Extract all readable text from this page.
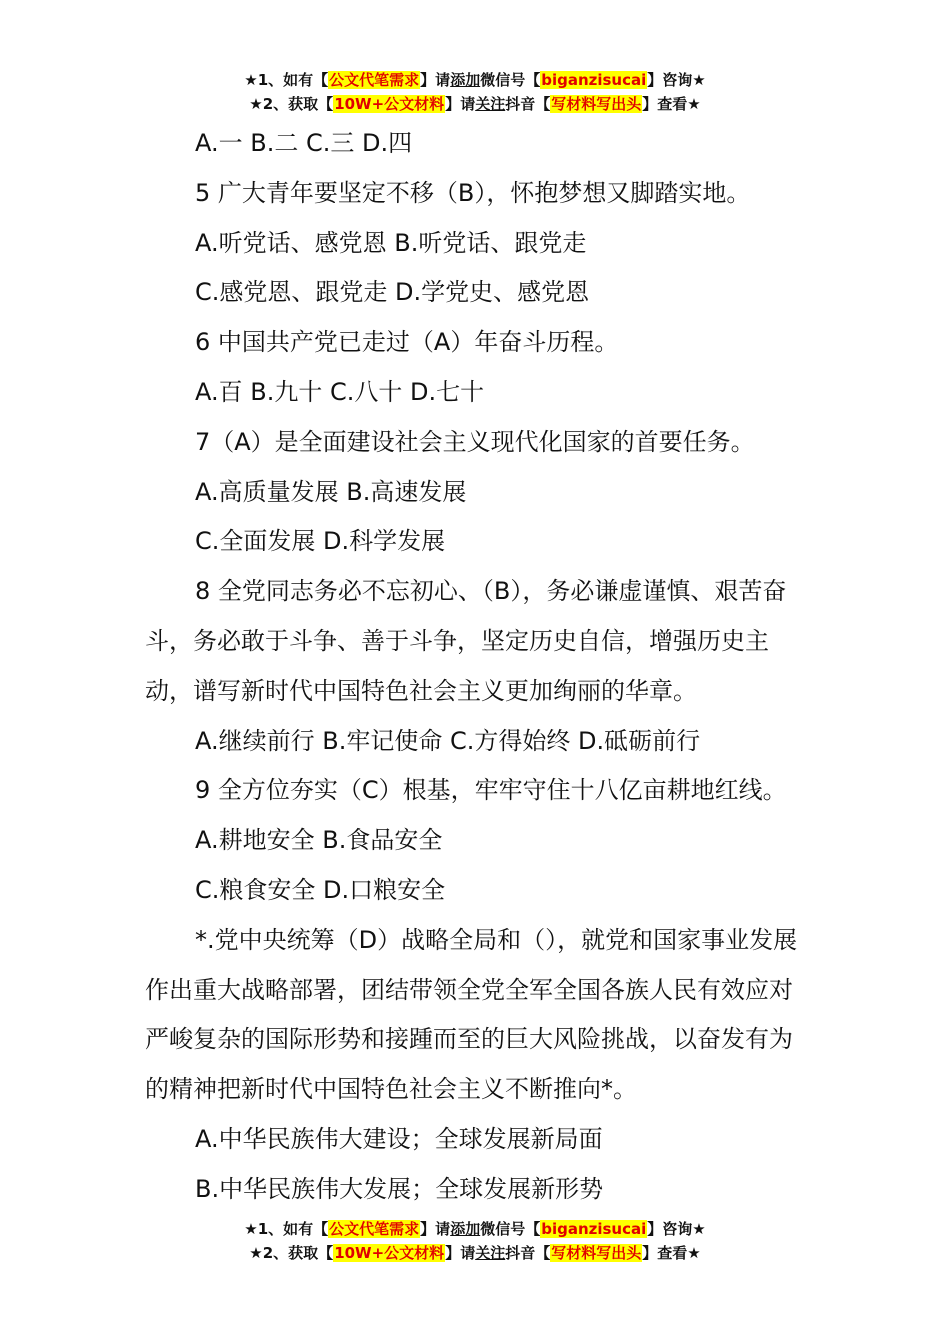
★1、如有【公文代笔需求】请添加微信号【biganzisucai】咨询★
★2、获取【10W+公文材料】请关注抖音【写材料写出头】查看★

A.一 B.二 C.三 D.四

5 广大青年要坚定不移（B），怀抱梦想又脚踏实地。

A.听党话、感党恩 B.听党话、跟党走

C.感党恩、跟党走 D.学党史、感党恩

6 中国共产党已走过（A）年奋斗历程。

A.百 B.九十 C.八十 D.七十

7（A）是全面建设社会主义现代化国家的首要任务。

A.高质量发展 B.高速发展

C.全面发展 D.科学发展

8 全党同志务必不忘初心、（B），务必谦虚谨慎、艰苦奋斗，务必敢于斗争、善于斗争，坚定历史自信，增强历史主动，谱写新时代中国特色社会主义更加绚丽的华章。

A.继续前行 B.牢记使命 C.方得始终 D.砥砺前行

9 全方位夯实（C）根基，牢牢守住十八亿亩耕地红线。

A.耕地安全 B.食品安全

C.粮食安全 D.口粮安全

*.党中央统筹（D）战略全局和（），就党和国家事业发展作出重大战略部署，团结带领全党全军全国各族人民有效应对严峻复杂的国际形势和接踵而至的巨大风险挑战，以奋发有为的精神把新时代中国特色社会主义不断推向*。

A.中华民族伟大建设；全球发展新局面

B.中华民族伟大发展；全球发展新形势

★1、如有【公文代笔需求】请添加微信号【biganzisucai】咨询★
★2、获取【10W+公文材料】请关注抖音【写材料写出头】查看★
